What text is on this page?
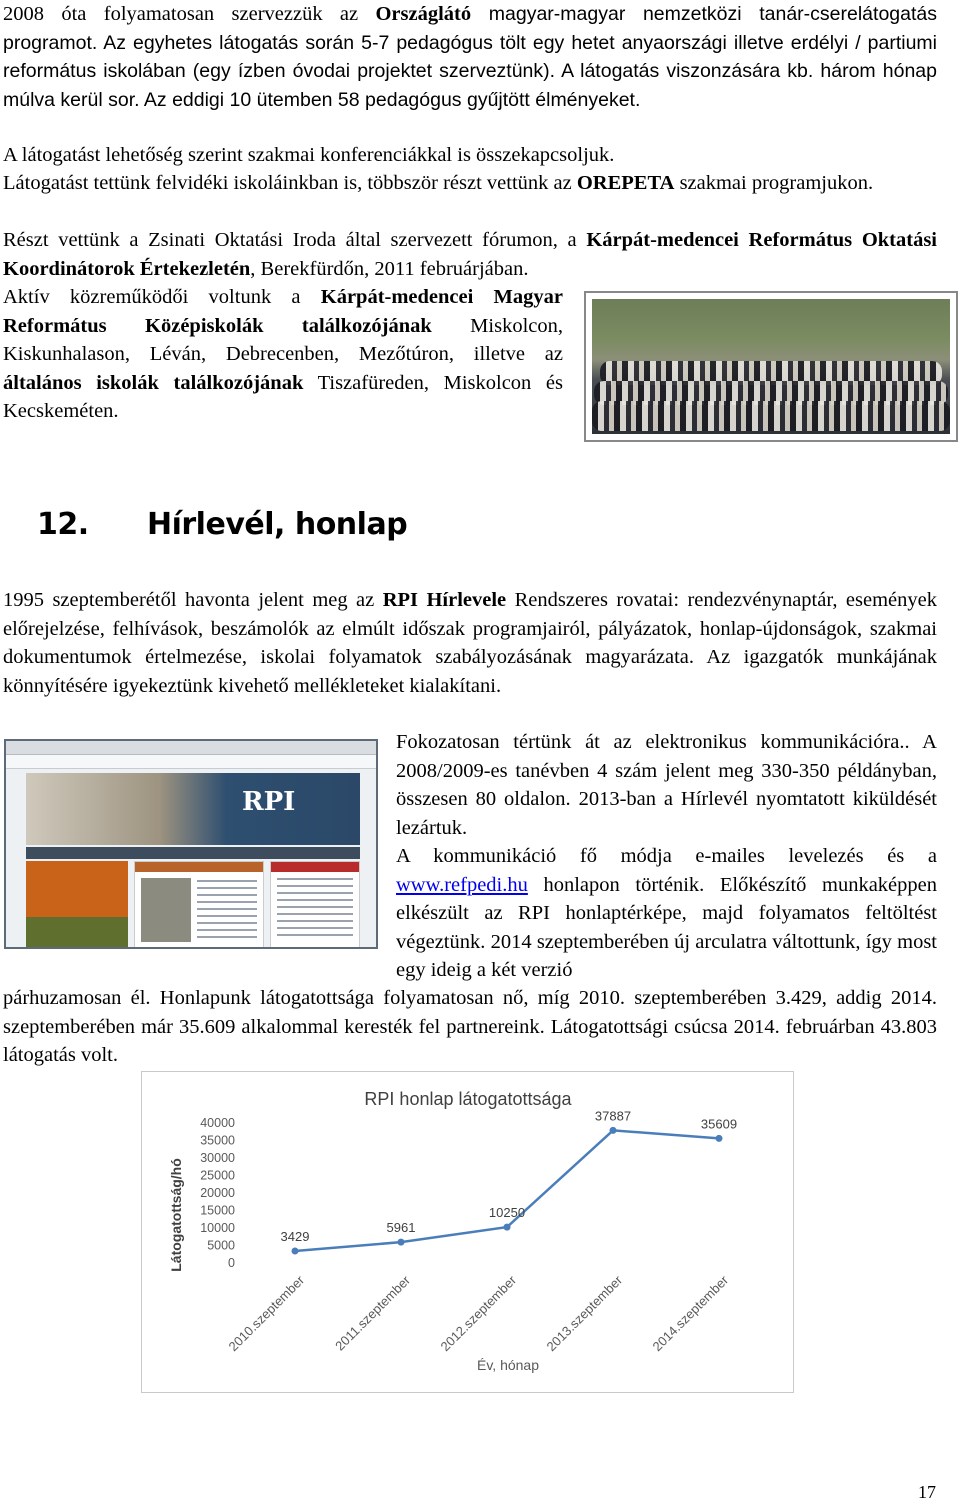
2008 óta folyamatosan szervezzük az Országlátó magyar-magyar nemzetközi tanár-cserelátogatás programot. Az egyhetes látogatás során 5-7 pedagógus tölt egy hetet anyaországi illetve erdélyi / partiumi református iskolában (egy ízben óvodai projektet szerveztünk). A látogatás viszonzására kb. három hónap múlva kerül sor. Az eddigi 10 ütemben 58 pedagógus gyűjtött élményeket.
A látogatást lehetőség szerint szakmai konferenciákkal is összekapcsoljuk.
Látogatást tettünk felvidéki iskoláinkban is, többször részt vettünk az OREPETA szakmai programjukon.
Részt vettünk a Zsinati Oktatási Iroda által szervezett fórumon, a Kárpát-medencei Református Oktatási Koordinátorok Értekezletén, Berekfürdőn, 2011 februárjában.
Aktív közreműködői voltunk a Kárpát-medencei Magyar Református Középiskolák találkozójának Miskolcon, Kiskunhalason, Léván, Debrecenben, Mezőtúron, illetve az általános iskolák találkozójának Tiszafüreden, Miskolcon és Kecskeméten.
12. Hírlevél, honlap
1995 szeptemberétől havonta jelent meg az RPI Hírlevele Rendszeres rovatai: rendezvénynaptár, események előrejelzése, felhívások, beszámolók az elmúlt időszak programjairól, pályázatok, honlap-újdonságok, szakmai dokumentumok értelmezése, iskolai folyamatok szabályozásának magyarázata. Az igazgatók munkájának könnyítésére igyekeztünk kivehető mellékleteket kialakítani.
RPI
Fokozatosan tértünk át az elektronikus kommunikációra.. A 2008/2009-es tanévben 4 szám jelent meg 330-350 példányban, összesen 80 oldalon. 2013-ban a Hírlevél nyomtatott kiküldését lezártuk.
A kommunikáció fő módja e-mailes levelezés és a www.refpedi.hu honlapon történik. Előkészítő munkaképpen elkészült az RPI honlaptérképe, majd folyamatos feltöltést végeztünk. 2014 szeptemberében új arculatra váltottunk, így most egy ideig a két verzió
párhuzamosan él. Honlapunk látogatottsága folyamatosan nő, míg 2010. szeptemberében 3.429, addig 2014. szeptemberében már 35.609 alkalommal keresték fel partnereink. Látogatottsági csúcsa 2014. februárban 43.803 látogatás volt.
RPI honlap látogatottsága
Látogatottság/hó
Év, hónap
0
5000
10000
15000
20000
25000
30000
35000
40000
2010.szeptember 2011.szeptember 2012.szeptember 2013.szeptember 2014.szeptember
3429
5961
10250
37887
35609
17
